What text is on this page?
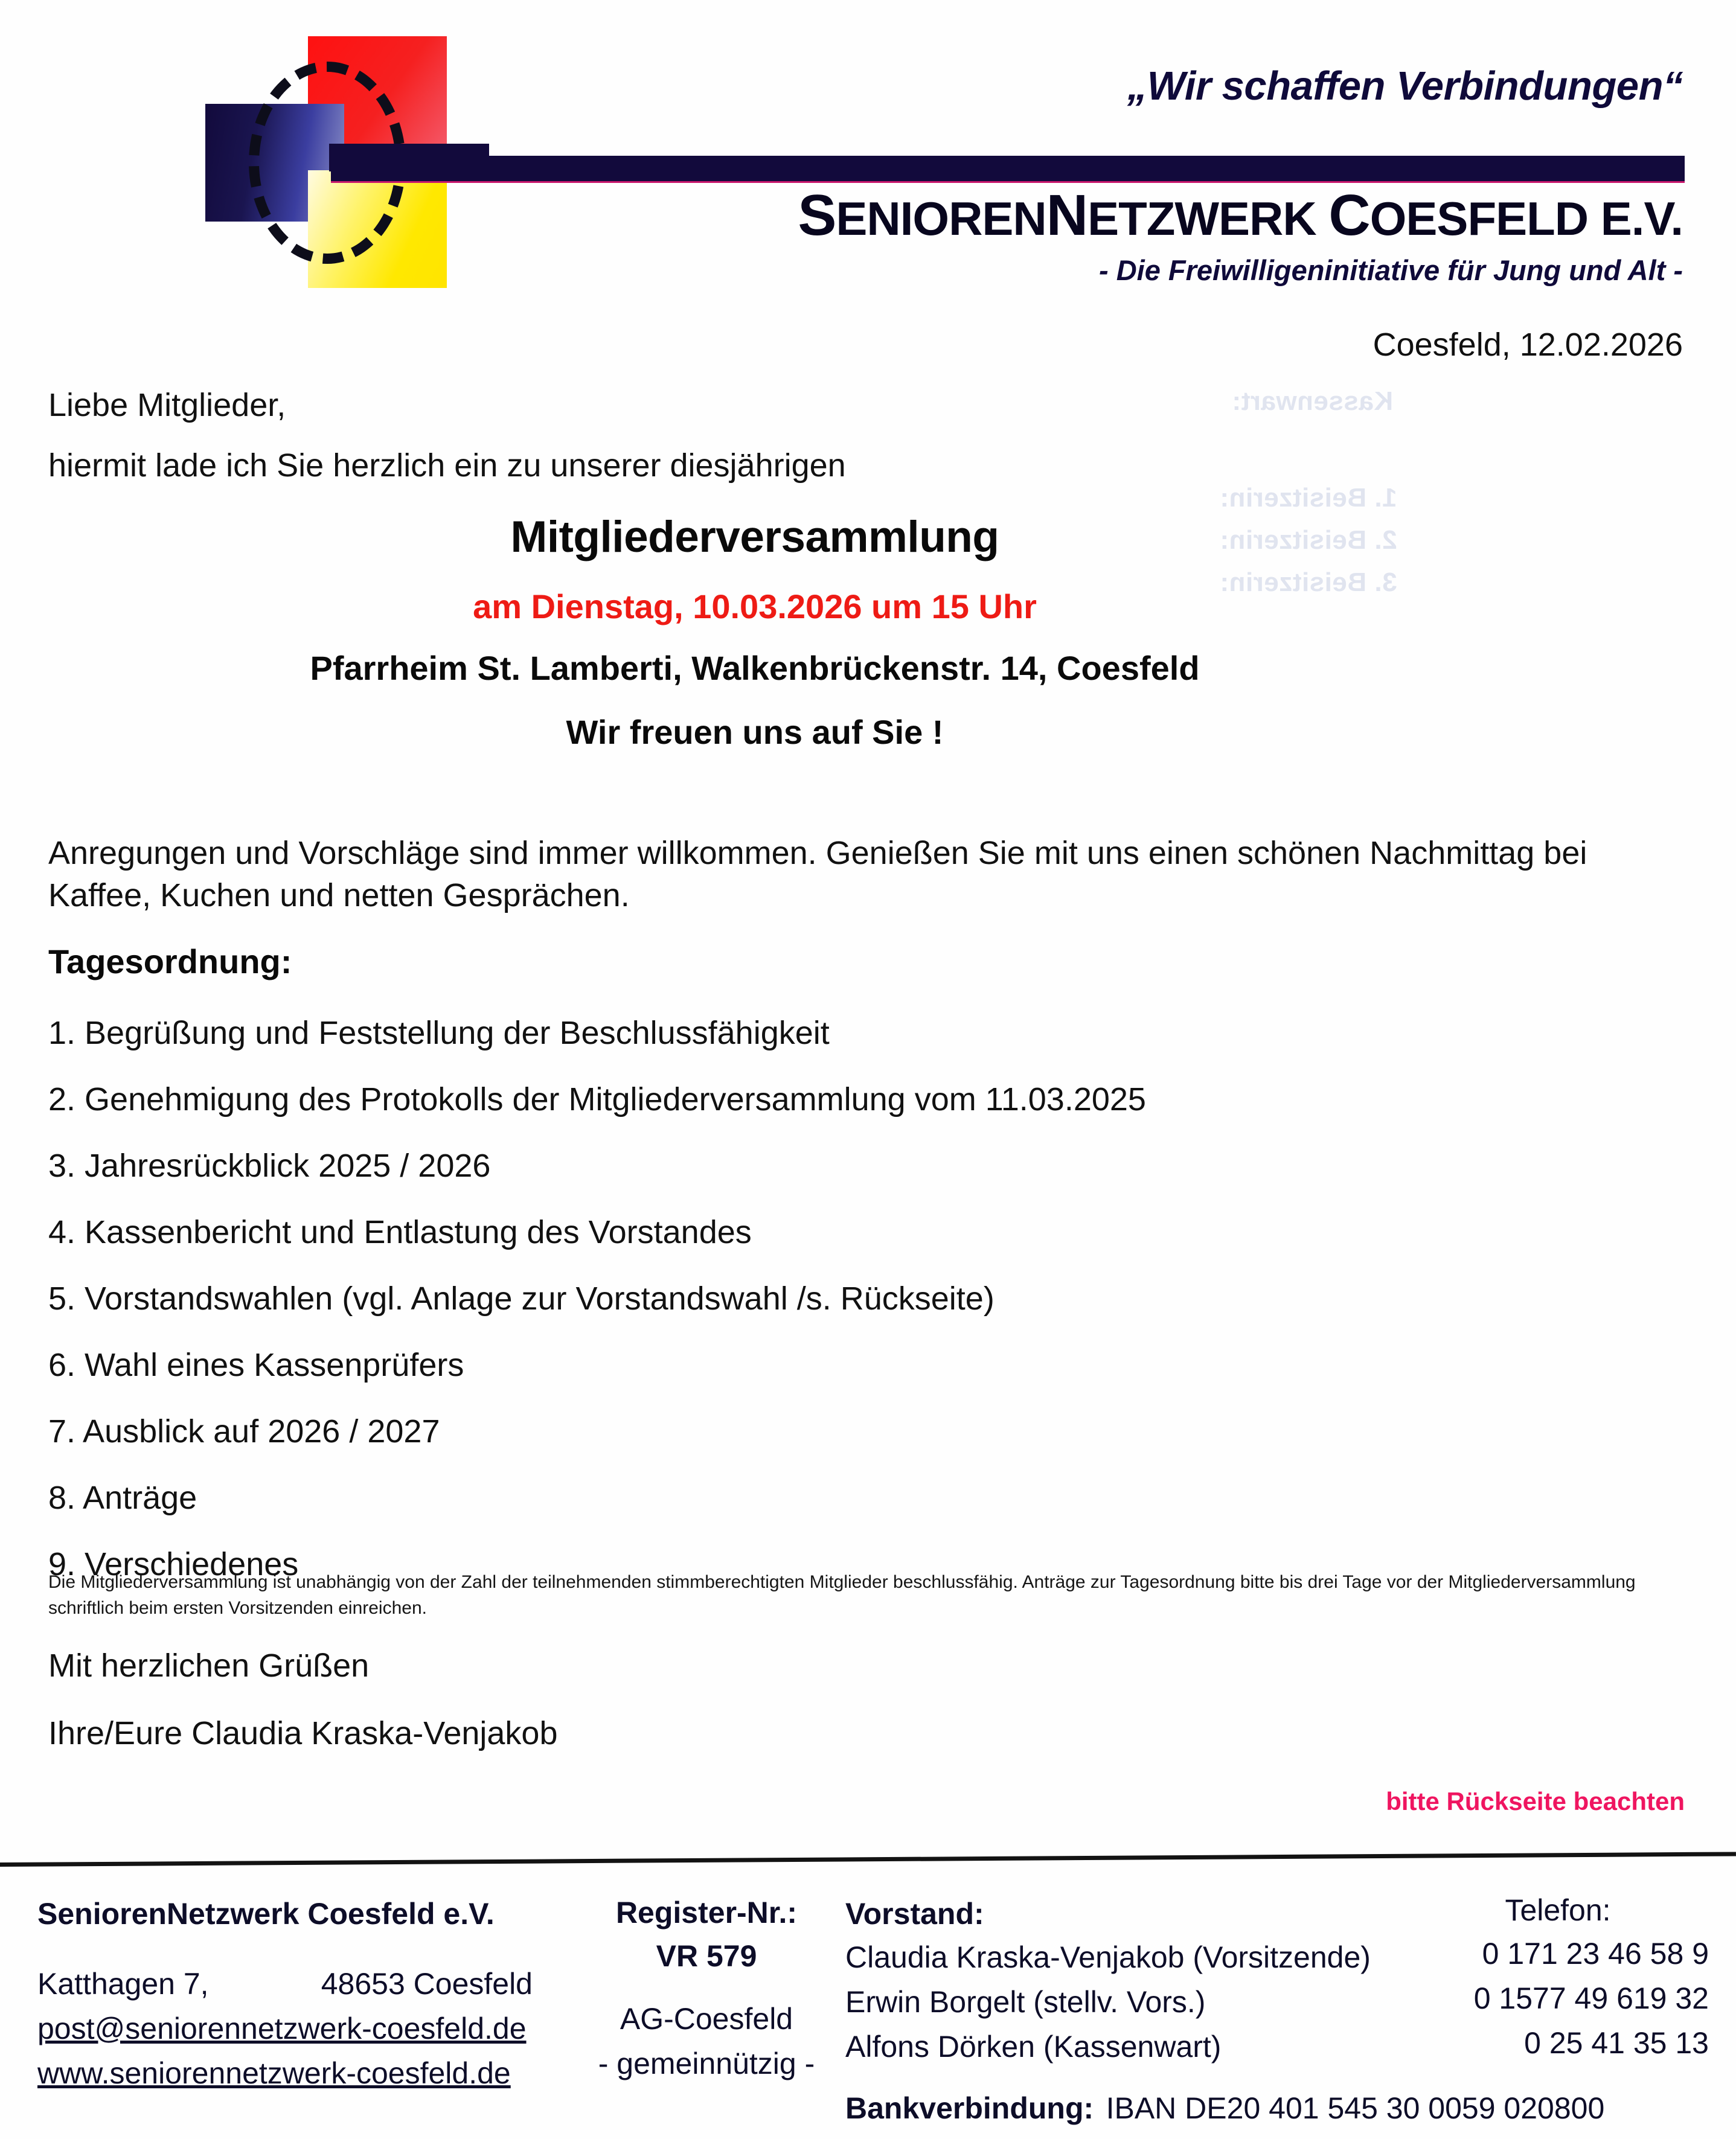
Kassenwart:
1. Beisitzerin:
2. Beisitzerin:
3. Beisitzerin:
„Wir schaffen Verbindungen“
SENIORENNETZWERK COESFELD E.V.
- Die Freiwilligeninitiative für Jung und Alt -
Coesfeld, 12.02.2026
Liebe Mitglieder,
hiermit lade ich Sie herzlich ein zu unserer diesjährigen
Mitgliederversammlung
am Dienstag, 10.03.2026 um 15 Uhr
Pfarrheim St. Lamberti, Walkenbrückenstr. 14, Coesfeld
Wir freuen uns auf Sie !
Anregungen und Vorschläge sind immer willkommen. Genießen Sie mit uns einen schönen Nachmittag bei Kaffee, Kuchen und netten Gesprächen.
Tagesordnung:
1. Begrüßung und Feststellung der Beschlussfähigkeit
2. Genehmigung des Protokolls der Mitgliederversammlung vom 11.03.2025
3. Jahresrückblick 2025 / 2026
4. Kassenbericht und Entlastung des Vorstandes
5. Vorstandswahlen (vgl. Anlage zur Vorstandswahl /s. Rückseite)
6. Wahl eines Kassenprüfers
7. Ausblick auf 2026 / 2027
8. Anträge
9. Verschiedenes
Die Mitgliederversammlung ist unabhängig von der Zahl der teilnehmenden stimmberechtigten Mitglieder beschlussfähig. Anträge zur Tagesordnung bitte bis drei Tage vor der Mitgliederversammlung schriftlich beim ersten Vorsitzenden einreichen.
Mit herzlichen Grüßen
Ihre/Eure Claudia Kraska-Venjakob
bitte Rückseite beachten
SeniorenNetzwerk Coesfeld e.V.
Katthagen 7,	48653 Coesfeld
post@seniorennetzwerk-coesfeld.de
www.seniorennetzwerk-coesfeld.de
Register-Nr.:
VR 579
AG-Coesfeld
- gemeinnützig -
Vorstand:
Claudia Kraska-Venjakob (Vorsitzende)
Erwin Borgelt (stellv. Vors.)
Alfons Dörken (Kassenwart)
Telefon:
0 171 23 46 58 9
0 1577 49 619 32
0 25 41 35 13
Bankverbindung: IBAN DE20 401 545 30 0059 020800
